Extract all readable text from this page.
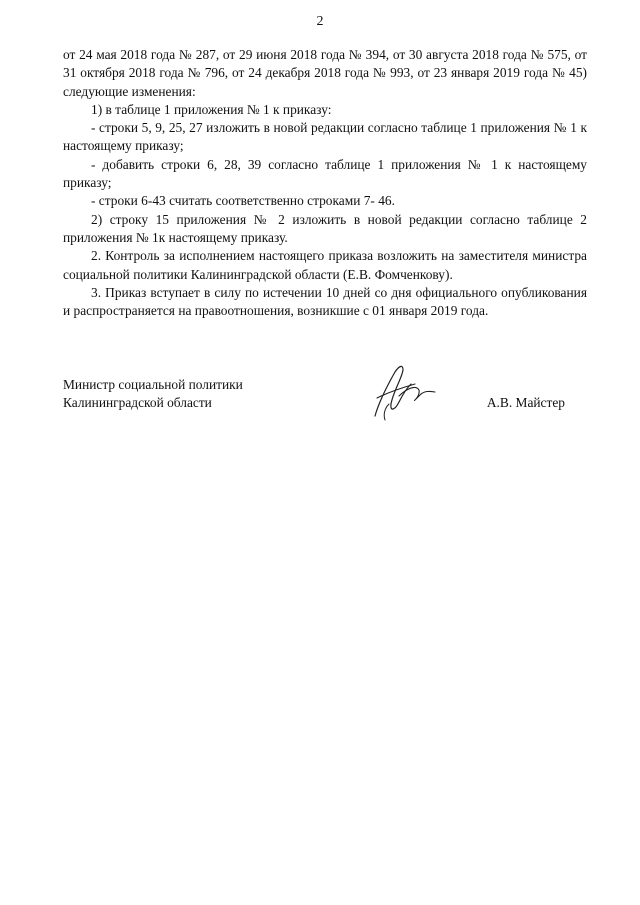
2

от 24 мая 2018 года № 287, от 29 июня 2018 года № 394, от 30 августа 2018 года № 575, от 31 октября 2018 года № 796, от 24 декабря 2018 года № 993, от 23 января 2019 года № 45) следующие изменения:

1) в таблице 1 приложения № 1 к приказу:

- строки 5, 9, 25, 27 изложить в новой редакции согласно таблице 1 приложения № 1 к настоящему приказу;

- добавить строки 6, 28, 39 согласно таблице 1 приложения № 1 к настоящему приказу;

- строки 6-43 считать соответственно строками 7- 46.

2) строку 15 приложения № 2 изложить в новой редакции согласно таблице 2 приложения № 1к настоящему приказу.

2. Контроль за исполнением настоящего приказа возложить на заместителя министра социальной политики Калининградской области (Е.В. Фомченкову).

3. Приказ вступает в силу по истечении 10 дней со дня официального опубликования и распространяется на правоотношения, возникшие с 01 января 2019 года.

Министр социальной политики
Калининградской области	А.В. Майстер
